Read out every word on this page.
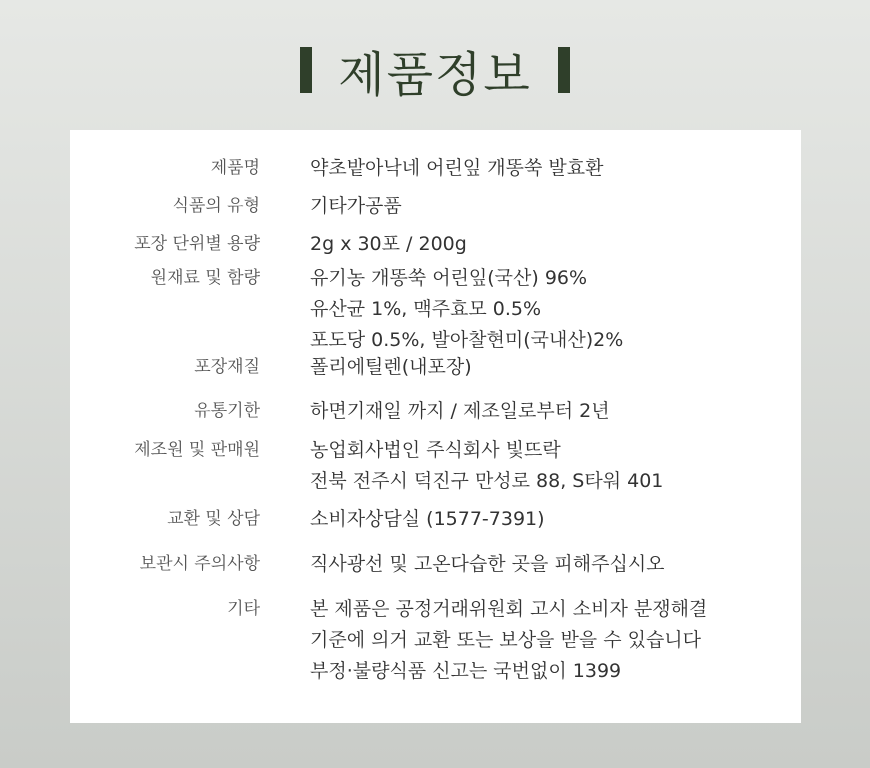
제품정보
제품명	약초밭아낙네 어린잎 개똥쑥 발효환
식품의 유형	기타가공품
포장 단위별 용량	2g x 30포 / 200g
원재료 및 함량	유기농 개똥쑥 어린잎(국산) 96%
유산균 1%, 맥주효모 0.5%
포도당 0.5%, 발아찰현미(국내산)2%
포장재질	폴리에틸렌(내포장)
유통기한	하면기재일 까지 / 제조일로부터 2년
제조원 및 판매원	농업회사법인 주식회사 빛뜨락
전북 전주시 덕진구 만성로 88, S타워 401
교환 및 상담	소비자상담실 (1577-7391)
보관시 주의사항	직사광선 및 고온다습한 곳을 피해주십시오
기타	본 제품은 공정거래위원회 고시 소비자 분쟁해결
기준에 의거 교환 또는 보상을 받을 수 있습니다
부정·불량식품 신고는 국번없이 1399
